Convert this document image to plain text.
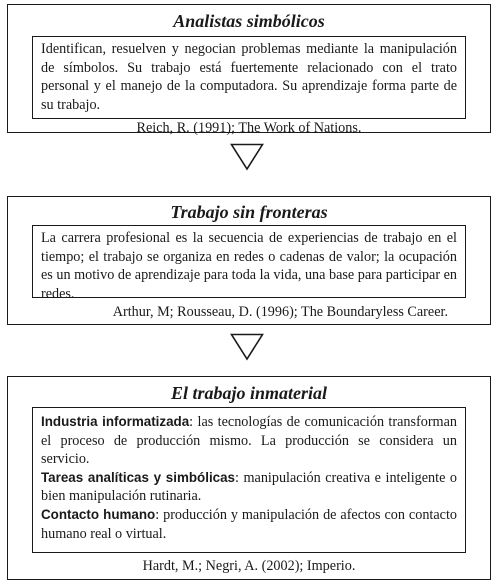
Analistas simbólicos

Identifican, resuelven y negocian problemas mediante la manipulación de símbolos. Su trabajo está fuertemente relacionado con el trato personal y el manejo de la computadora. Su aprendizaje forma parte de su trabajo.

Reich, R. (1991); The Work of Nations.
Trabajo sin fronteras

La carrera profesional es la secuencia de experiencias de trabajo en el tiempo; el trabajo se organiza en redes o cadenas de valor; la ocupación es un motivo de aprendizaje para toda la vida, una base para participar en redes.

Arthur, M; Rousseau, D. (1996); The Boundaryless Career.
El trabajo inmaterial

Industria informatizada: las tecnologías de comunicación transforman el proceso de producción mismo. La producción se considera un servicio.

Tareas analíticas y simbólicas: manipulación creativa e inteligente o bien manipulación rutinaria.

Contacto humano: producción y manipulación de afectos con contacto humano real o virtual.

Hardt, M.; Negri, A. (2002); Imperio.
